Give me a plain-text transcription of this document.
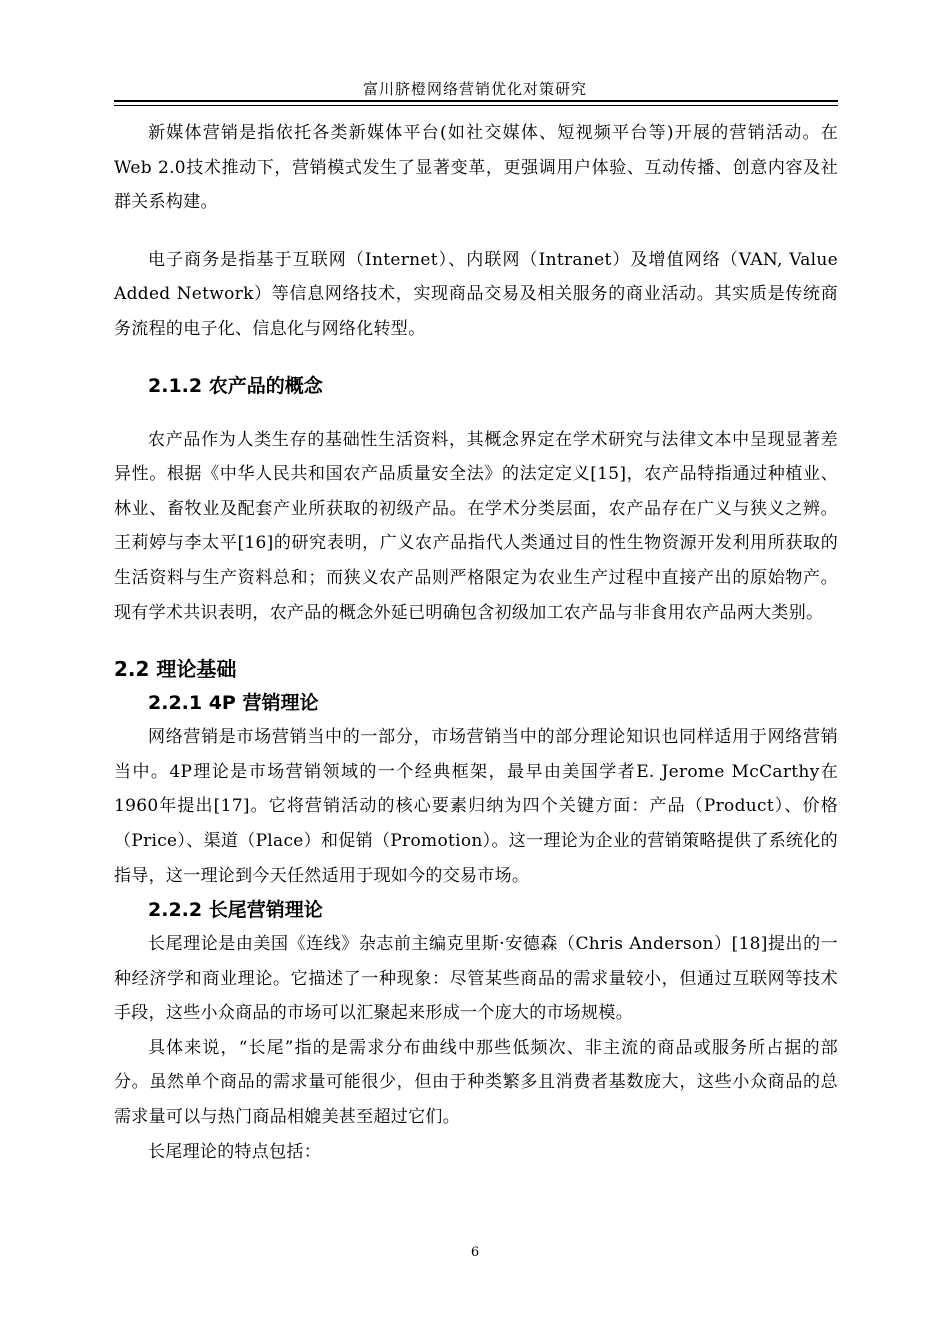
富川脐橙网络营销优化对策研究

新媒体营销是指依托各类新媒体平台(如社交媒体、短视频平台等)开展的营销活动。在Web 2.0技术推动下，营销模式发生了显著变革，更强调用户体验、互动传播、创意内容及社群关系构建。

电子商务是指基于互联网（Internet）、内联网（Intranet）及增值网络（VAN, Value Added Network）等信息网络技术，实现商品交易及相关服务的商业活动。其实质是传统商务流程的电子化、信息化与网络化转型。

2.1.2 农产品的概念

农产品作为人类生存的基础性生活资料，其概念界定在学术研究与法律文本中呈现显著差异性。根据《中华人民共和国农产品质量安全法》的法定定义[15]，农产品特指通过种植业、林业、畜牧业及配套产业所获取的初级产品。在学术分类层面，农产品存在广义与狭义之辨。王莉婷与李太平[16]的研究表明，广义农产品指代人类通过目的性生物资源开发利用所获取的生活资料与生产资料总和；而狭义农产品则严格限定为农业生产过程中直接产出的原始物产。现有学术共识表明，农产品的概念外延已明确包含初级加工农产品与非食用农产品两大类别。

2.2 理论基础
2.2.1 4P 营销理论

网络营销是市场营销当中的一部分，市场营销当中的部分理论知识也同样适用于网络营销当中。4P理论是市场营销领域的一个经典框架，最早由美国学者E. Jerome McCarthy在1960年提出[17]。它将营销活动的核心要素归纳为四个关键方面：产品（Product）、价格（Price）、渠道（Place）和促销（Promotion）。这一理论为企业的营销策略提供了系统化的指导，这一理论到今天任然适用于现如今的交易市场。

2.2.2 长尾营销理论

长尾理论是由美国《连线》杂志前主编克里斯·安德森（Chris Anderson）[18]提出的一种经济学和商业理论。它描述了一种现象：尽管某些商品的需求量较小，但通过互联网等技术手段，这些小众商品的市场可以汇聚起来形成一个庞大的市场规模。

具体来说，“长尾”指的是需求分布曲线中那些低频次、非主流的商品或服务所占据的部分。虽然单个商品的需求量可能很少，但由于种类繁多且消费者基数庞大，这些小众商品的总需求量可以与热门商品相媲美甚至超过它们。

长尾理论的特点包括：

6
